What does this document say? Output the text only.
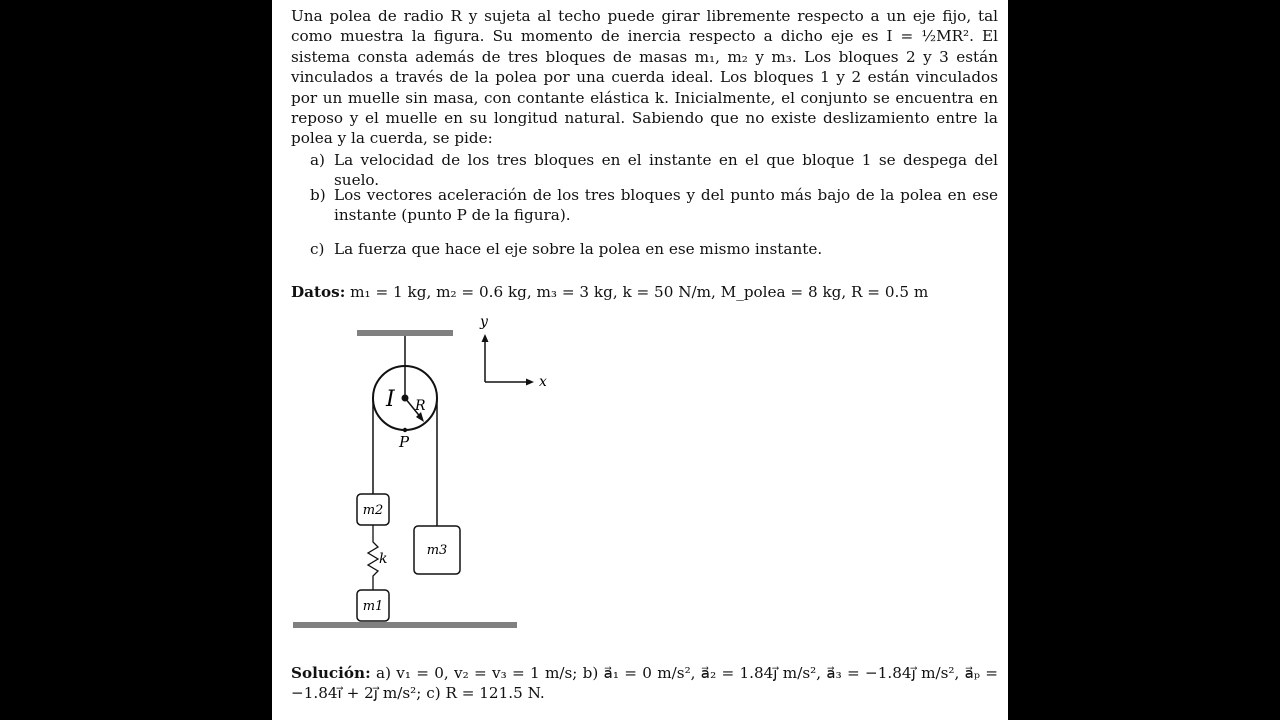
Una polea de radio R y sujeta al techo puede girar libremente respecto a un eje fijo, tal como muestra la figura. Su momento de inercia respecto a dicho eje es I = ½MR². El sistema consta además de tres bloques de masas m₁, m₂ y m₃. Los bloques 2 y 3 están vinculados a través de la polea por una cuerda ideal. Los bloques 1 y 2 están vinculados por un muelle sin masa, con contante elástica k. Inicialmente, el conjunto se encuentra en reposo y el muelle en su longitud natural. Sabiendo que no existe deslizamiento entre la polea y la cuerda, se pide:

a) La velocidad de los tres bloques en el instante en el que bloque 1 se despega del suelo.
b) Los vectores aceleración de los tres bloques y del punto más bajo de la polea en ese instante (punto P de la figura).
c) La fuerza que hace el eje sobre la polea en ese mismo instante.

Datos: m₁ = 1 kg, m₂ = 0.6 kg, m₃ = 3 kg, k = 50 N/m, M_polea = 8 kg, R = 0.5 m

I R
P
m2
m1
m3
k
y
x

Solución: a) v₁ = 0, v₂ = v₃ = 1 m/s; b) a⃗₁ = 0 m/s², a⃗₂ = 1.84j⃗ m/s², a⃗₃ = −1.84j⃗ m/s², a⃗ₚ = −1.84i⃗ + 2j⃗ m/s²; c) R = 121.5 N.
